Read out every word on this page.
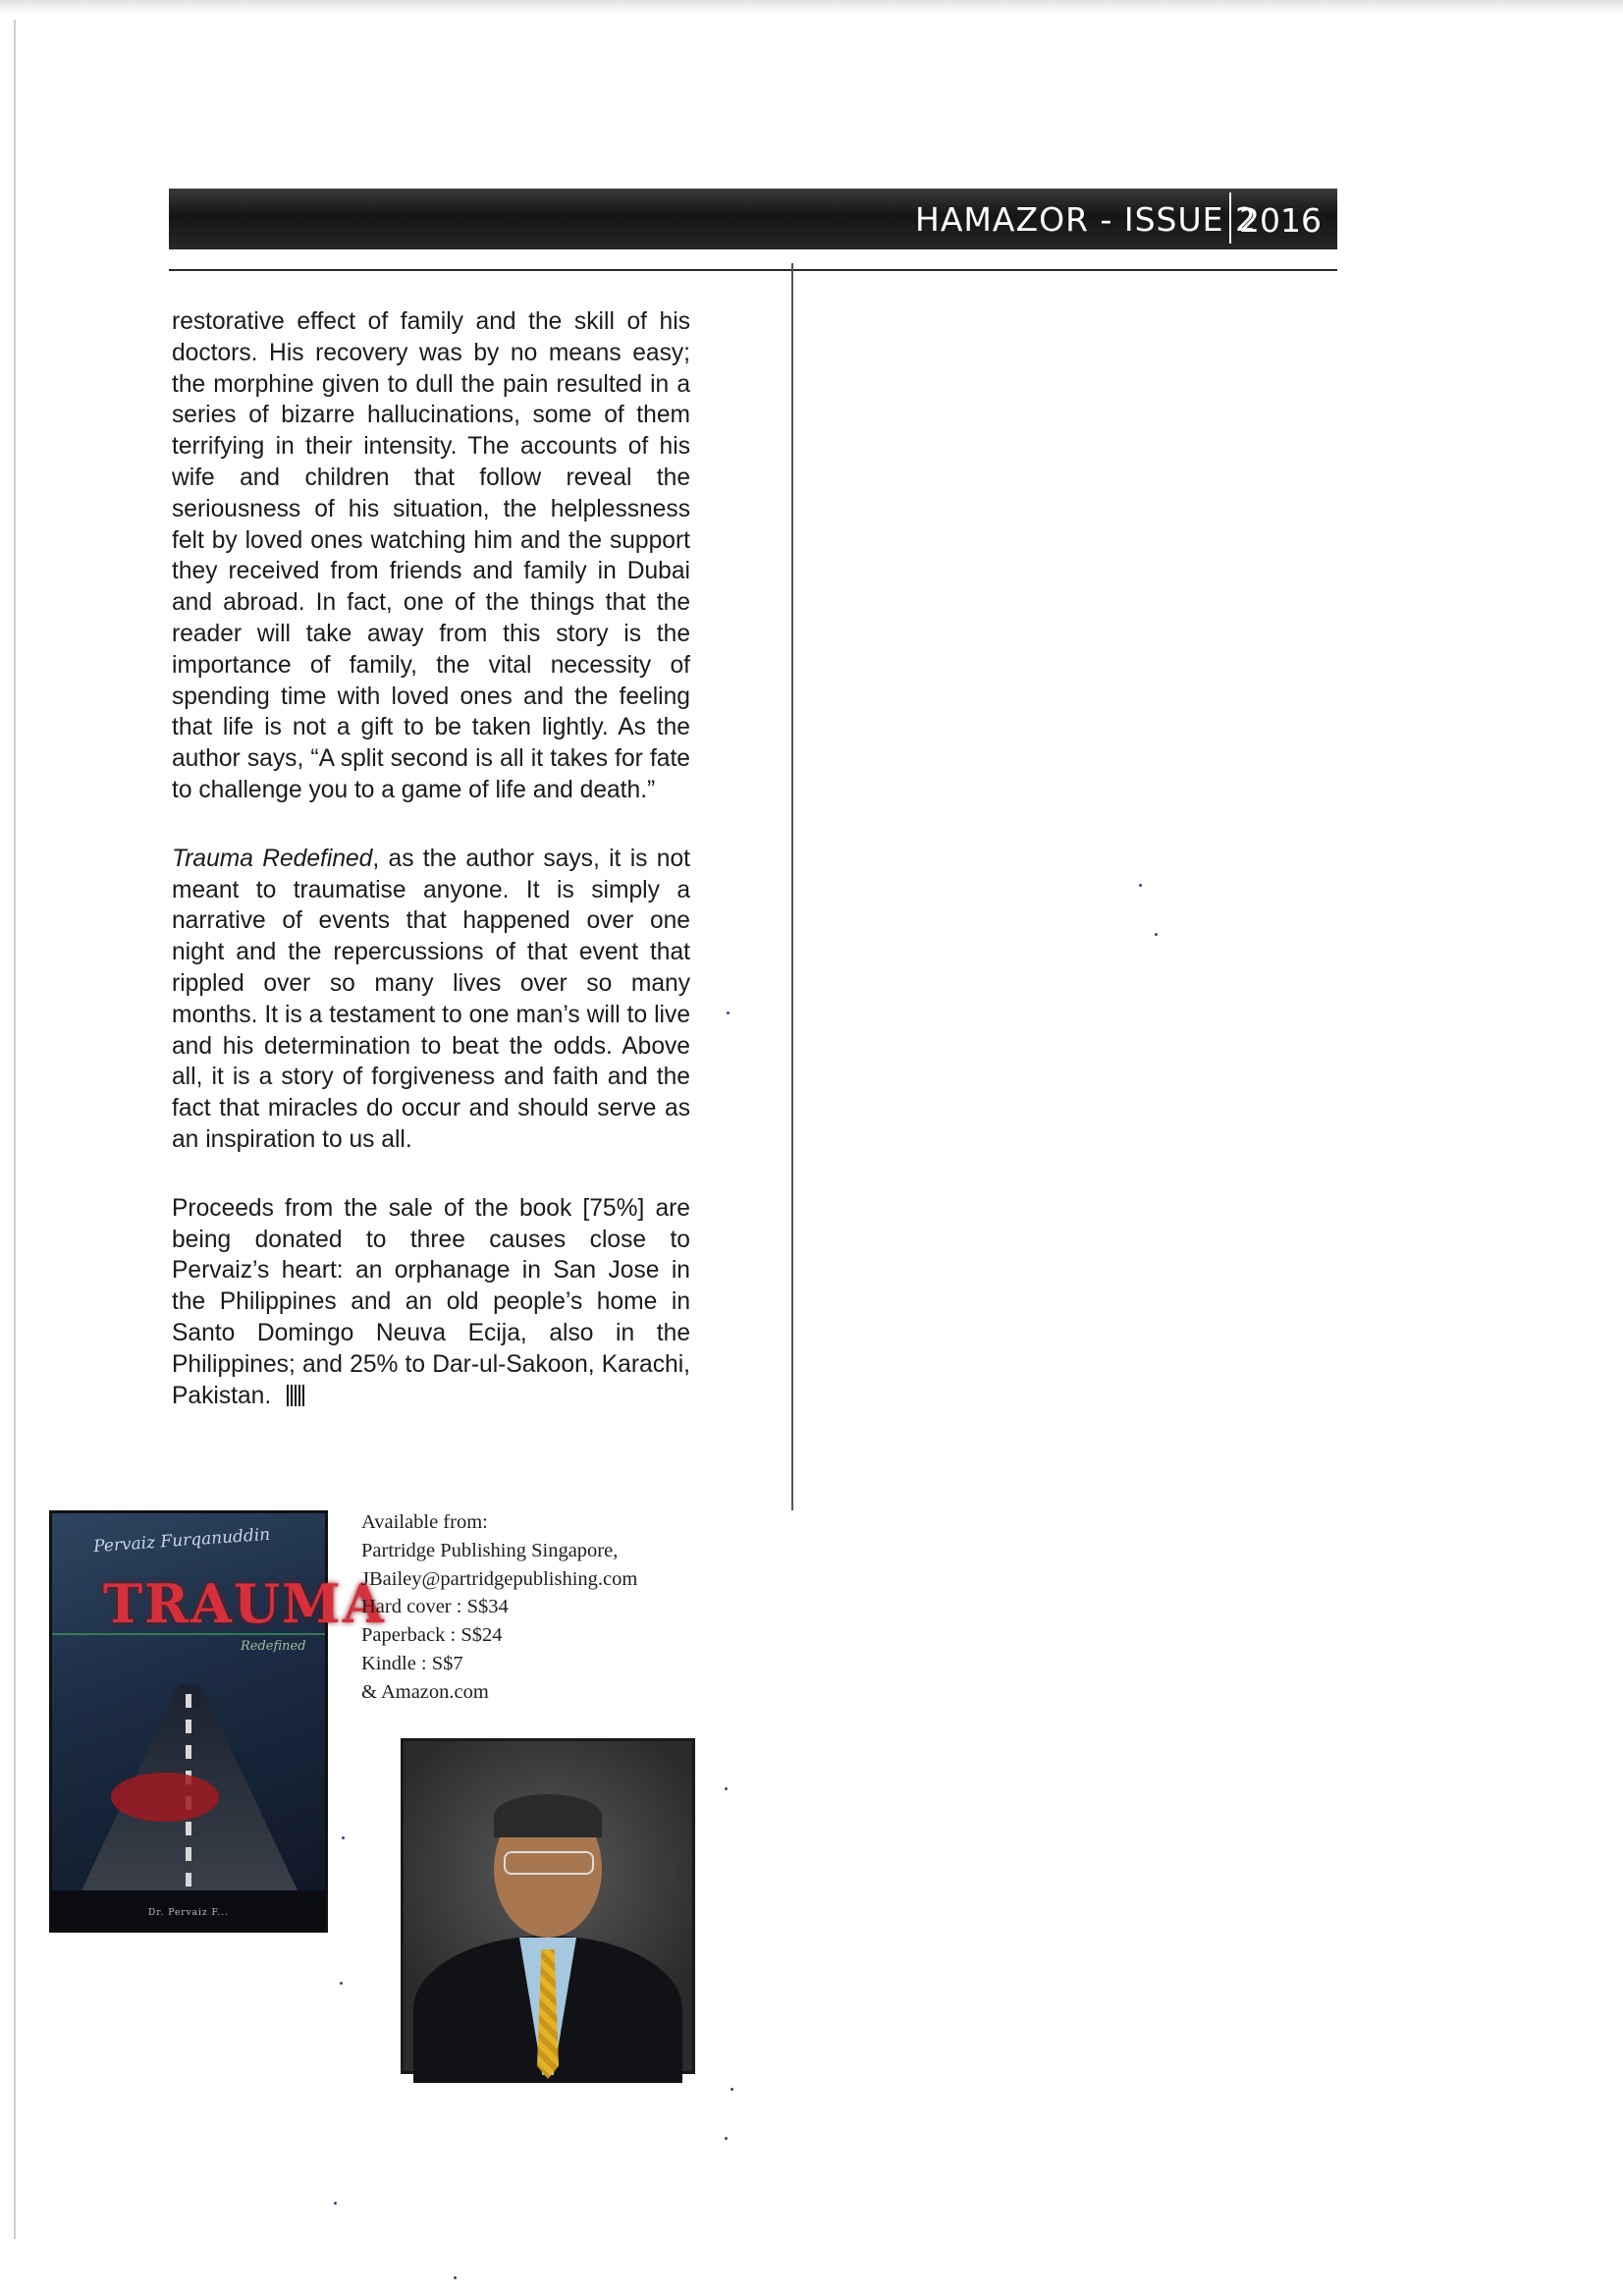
HAMAZOR - ISSUE 2
2016

restorative effect of family and the skill of his doctors. His recovery was by no means easy; the morphine given to dull the pain resulted in a series of bizarre hallucinations, some of them terrifying in their intensity. The accounts of his wife and children that follow reveal the seriousness of his situation, the helplessness felt by loved ones watching him and the support they received from friends and family in Dubai and abroad. In fact, one of the things that the reader will take away from this story is the importance of family, the vital necessity of spending time with loved ones and the feeling that life is not a gift to be taken lightly. As the author says, “A split second is all it takes for fate to challenge you to a game of life and death.”

Trauma Redefined, as the author says, it is not meant to traumatise anyone. It is simply a narrative of events that happened over one night and the repercussions of that event that rippled over so many lives over so many months. It is a testament to one man’s will to live and his determination to beat the odds. Above all, it is a story of forgiveness and faith and the fact that miracles do occur and should serve as an inspiration to us all.

Proceeds from the sale of the book [75%] are being donated to three causes close to Pervaiz’s heart: an orphanage in San Jose in the Philippines and an old people’s home in Santo Domingo Neuva Ecija, also in the Philippines; and 25% to Dar-ul-Sakoon, Karachi, Pakistan.

Pervaiz Furqanuddin
TRAUMA
Redefined
Dr. Pervaiz F...
Available from:
Partridge Publishing Singapore,
JBailey@partridgepublishing.com
Hard cover : S$34
Paperback : S$24
Kindle : S$7
& Amazon.com
